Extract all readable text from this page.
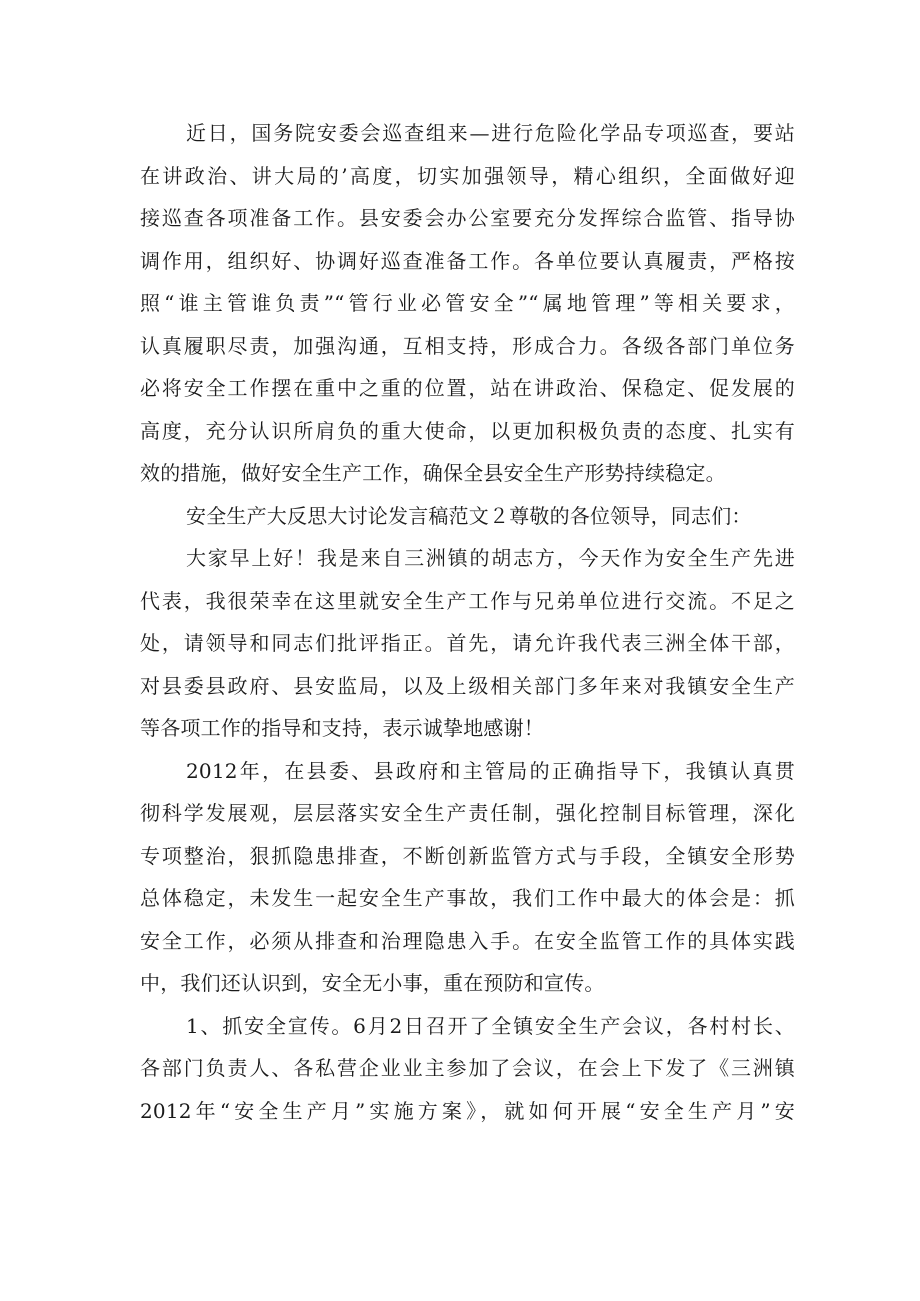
近日，国务院安委会巡查组来—进行危险化学品专项巡查，要站
在讲政治、讲大局的’高度，切实加强领导，精心组织，全面做好迎
接巡查各项准备工作。县安委会办公室要充分发挥综合监管、指导协
调作用，组织好、协调好巡查准备工作。各单位要认真履责，严格按
照“谁主管谁负责”“管行业必管安全”“属地管理”等相关要求，
认真履职尽责，加强沟通，互相支持，形成合力。各级各部门单位务
必将安全工作摆在重中之重的位置，站在讲政治、保稳定、促发展的
高度，充分认识所肩负的重大使命，以更加积极负责的态度、扎实有
效的措施，做好安全生产工作，确保全县安全生产形势持续稳定。
安全生产大反思大讨论发言稿范文２尊敬的各位领导，同志们：
大家早上好！我是来自三洲镇的胡志方，今天作为安全生产先进
代表，我很荣幸在这里就安全生产工作与兄弟单位进行交流。不足之
处，请领导和同志们批评指正。首先，请允许我代表三洲全体干部，
对县委县政府、县安监局，以及上级相关部门多年来对我镇安全生产
等各项工作的指导和支持，表示诚挚地感谢！
2012年，在县委、县政府和主管局的正确指导下，我镇认真贯
彻科学发展观，层层落实安全生产责任制，强化控制目标管理，深化
专项整治，狠抓隐患排查，不断创新监管方式与手段，全镇安全形势
总体稳定，未发生一起安全生产事故，我们工作中最大的体会是：抓
安全工作，必须从排查和治理隐患入手。在安全监管工作的具体实践
中，我们还认识到，安全无小事，重在预防和宣传。
1、抓安全宣传。6月2日召开了全镇安全生产会议，各村村长、
各部门负责人、各私营企业业主参加了会议，在会上下发了《三洲镇
2012年“安全生产月”实施方案》，就如何开展“安全生产月”安
